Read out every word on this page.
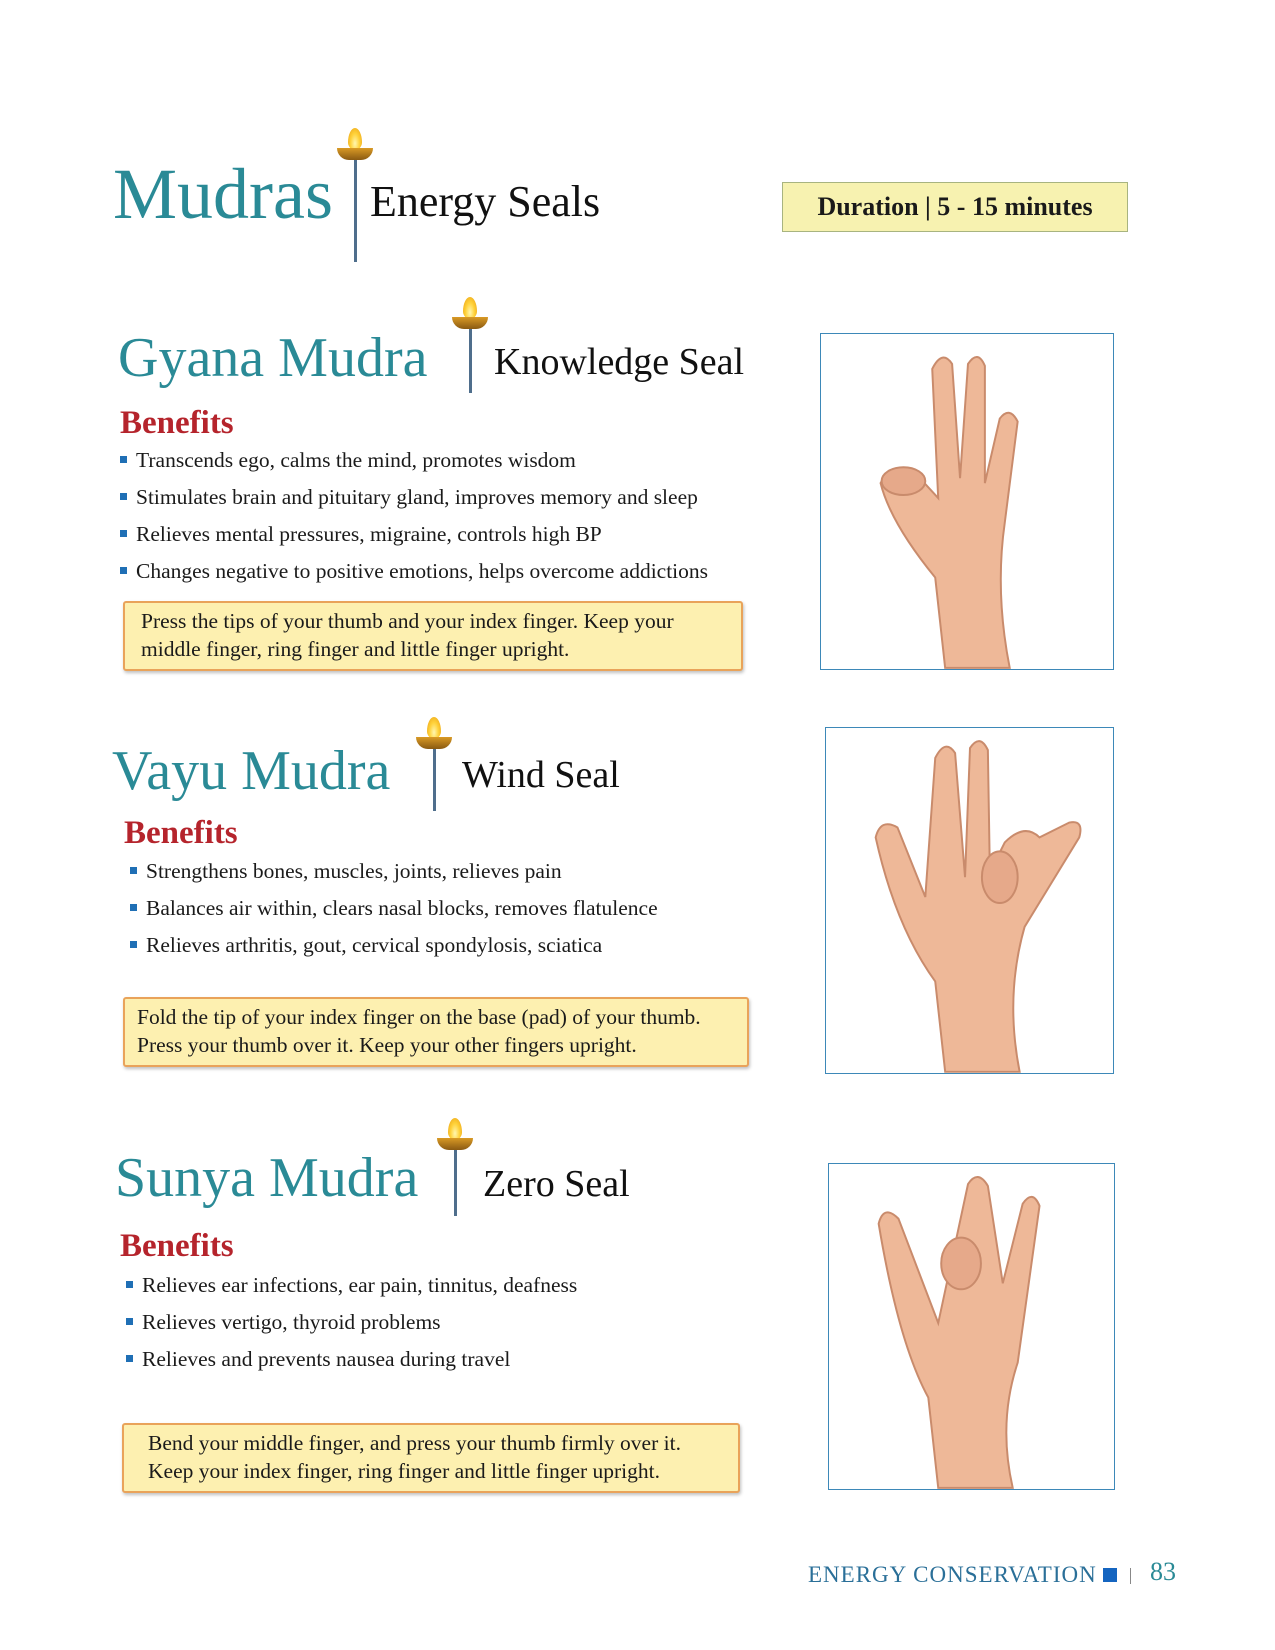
Mudras Energy Seals	Duration | 5 - 15 minutes
Gyana Mudra Knowledge Seal
Benefits
Transcends ego, calms the mind, promotes wisdom
Stimulates brain and pituitary gland, improves memory and sleep
Relieves mental pressures, migraine, controls high BP
Changes negative to positive emotions, helps overcome addictions
Press the tips of your thumb and your index finger. Keep your
middle finger, ring finger and little finger upright.
Vayu Mudra Wind Seal
Benefits
Strengthens bones, muscles, joints, relieves pain
Balances air within, clears nasal blocks, removes flatulence
Relieves arthritis, gout, cervical spondylosis, sciatica
Fold the tip of your index finger on the base (pad) of your thumb.
Press your thumb over it. Keep your other fingers upright.
Sunya Mudra Zero Seal
Benefits
Relieves ear infections, ear pain, tinnitus, deafness
Relieves vertigo, thyroid problems
Relieves and prevents nausea during travel
Bend your middle finger, and press your thumb firmly over it.
Keep your index finger, ring finger and little finger upright.
ENERGY CONSERVATION 83
